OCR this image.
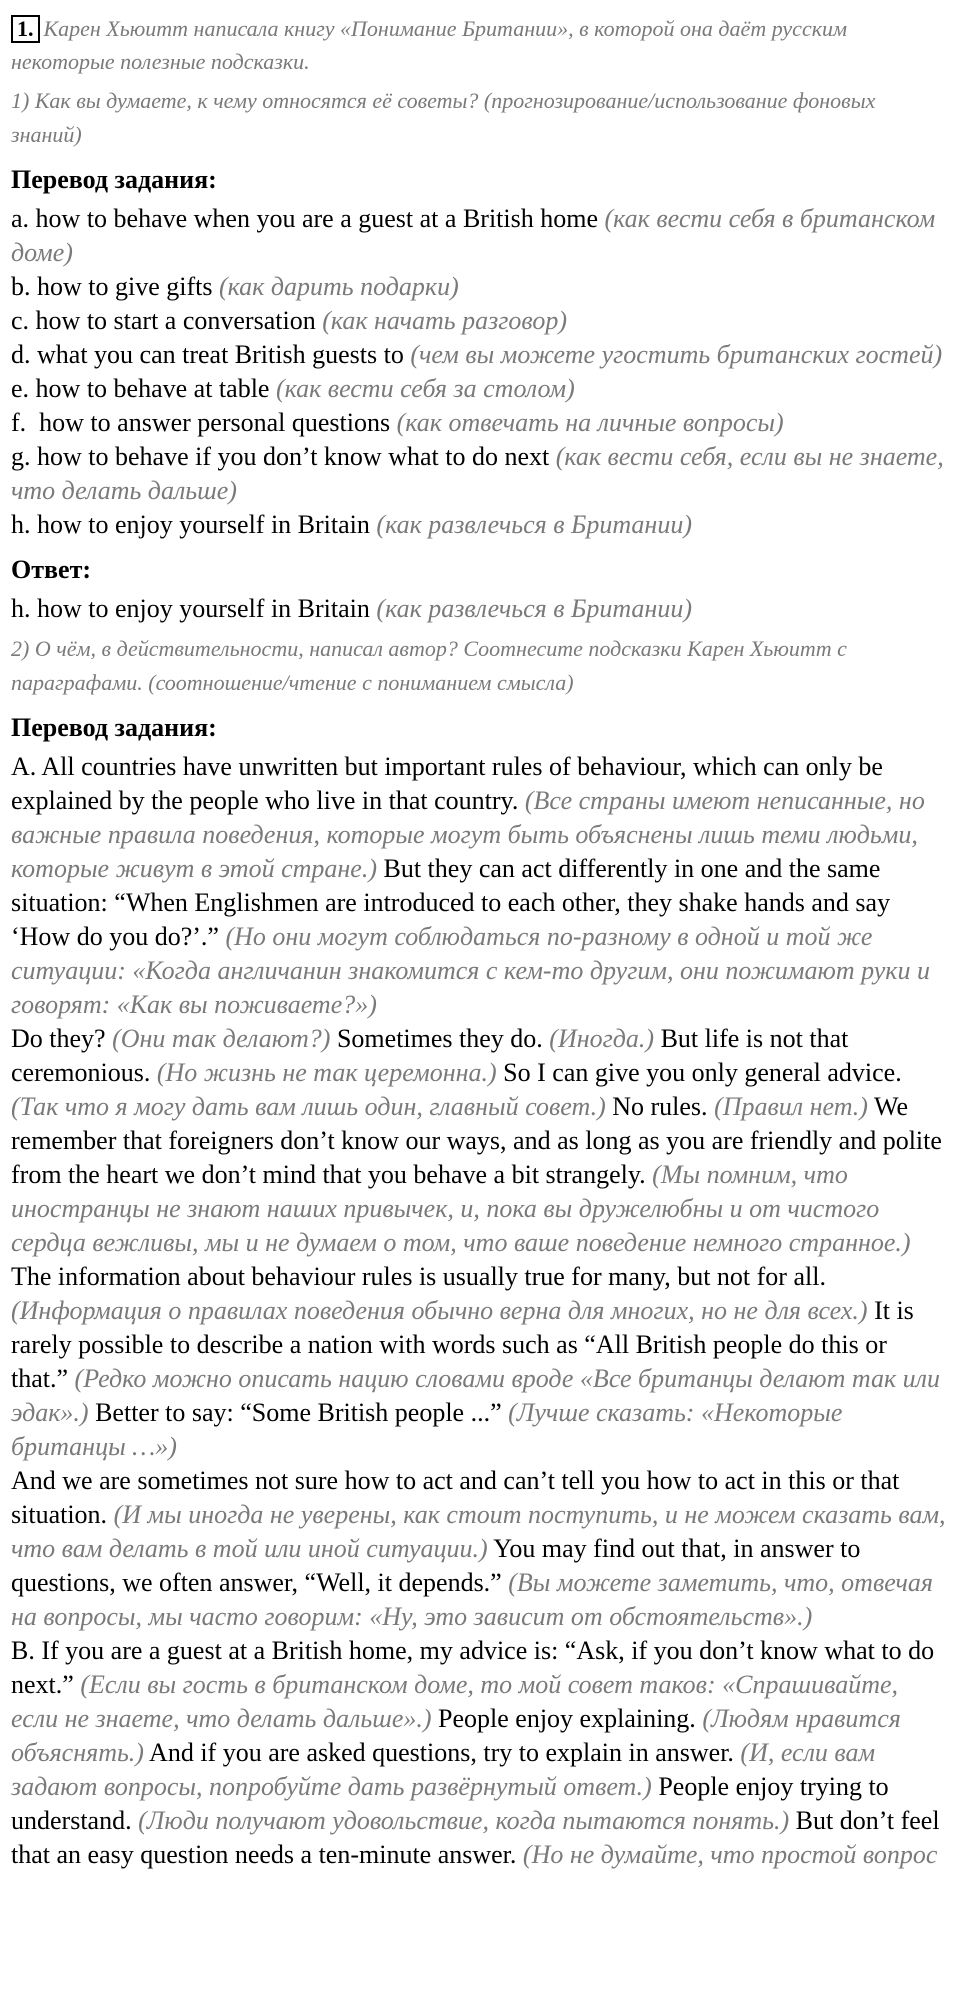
1. Карен Хьюитт написала книгу «Понимание Британии», в которой она даёт русским некоторые полезные подсказки.

1) Как вы думаете, к чему относятся её советы? (прогнозирование/использование фоновых знаний)

Перевод задания:

a. how to behave when you are a guest at a British home (как вести себя в британском доме)

b. how to give gifts (как дарить подарки)

c. how to start a conversation (как начать разговор)

d. what you can treat British guests to (чем вы можете угостить британских гостей)

e. how to behave at table (как вести себя за столом)

f.  how to answer personal questions (как отвечать на личные вопросы)

g. how to behave if you don’t know what to do next (как вести себя, если вы не знаете, что делать дальше)

h. how to enjoy yourself in Britain (как развлечься в Британии)

Ответ:

h. how to enjoy yourself in Britain (как развлечься в Британии)

2) О чём, в действительности, написал автор? Соотнесите подсказки Карен Хьюитт с параграфами. (соотношение/чтение с пониманием смысла)

Перевод задания:

A. All countries have unwritten but important rules of behaviour, which can only be explained by the people who live in that country. (Все страны имеют неписанные, но важные правила поведения, которые могут быть объяснены лишь теми людьми, которые живут в этой стране.) But they can act differently in one and the same situation: “When Englishmen are introduced to each other, they shake hands and say ‘How do you do?’.” (Но они могут соблюдаться по-разному в одной и той же ситуации: «Когда англичанин знакомится с кем-то другим, они пожимают руки и говорят: «Как вы поживаете?»)

Do they? (Они так делают?) Sometimes they do. (Иногда.) But life is not that ceremonious. (Но жизнь не так церемонна.) So I can give you only general advice. (Так что я могу дать вам лишь один, главный совет.) No rules. (Правил нет.) We remember that foreigners don’t know our ways, and as long as you are friendly and polite from the heart we don’t mind that you behave a bit strangely. (Мы помним, что иностранцы не знают наших привычек, и, пока вы дружелюбны и от чистого сердца вежливы, мы и не думаем о том, что ваше поведение немного странное.)

The information about behaviour rules is usually true for many, but not for all. (Информация о правилах поведения обычно верна для многих, но не для всех.) It is rarely possible to describe a nation with words such as “All British people do this or that.” (Редко можно описать нацию словами вроде «Все британцы делают так или эдак».) Better to say: “Some British people ...” (Лучше сказать: «Некоторые британцы …»)

And we are sometimes not sure how to act and can’t tell you how to act in this or that situation. (И мы иногда не уверены, как стоит поступить, и не можем сказать вам, что вам делать в той или иной ситуации.) You may find out that, in answer to questions, we often answer, “Well, it depends.” (Вы можете заметить, что, отвечая на вопросы, мы часто говорим: «Ну, это зависит от обстоятельств».)

B. If you are a guest at a British home, my advice is: “Ask, if you don’t know what to do next.” (Если вы гость в британском доме, то мой совет таков: «Спрашивайте, если не знаете, что делать дальше».) People enjoy explaining. (Людям нравится объяснять.) And if you are asked questions, try to explain in answer. (И, если вам задают вопросы, попробуйте дать развёрнутый ответ.) People enjoy trying to understand. (Люди получают удовольствие, когда пытаются понять.) But don’t feel that an easy question needs a ten-minute answer. (Но не думайте, что простой вопрос
